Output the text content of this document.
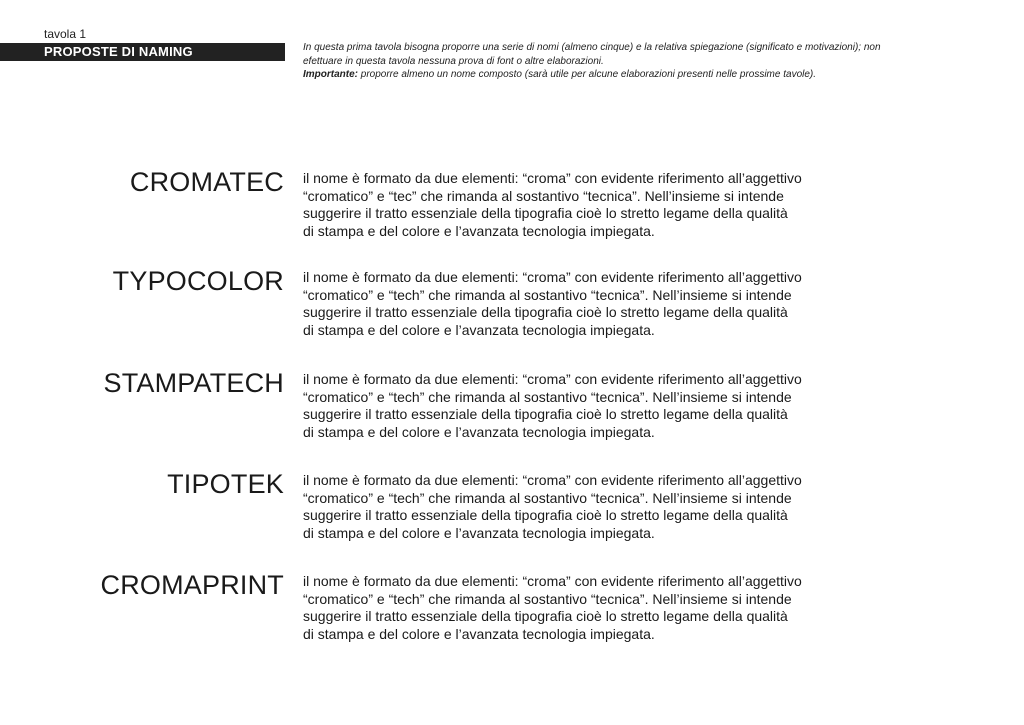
tavola 1
PROPOSTE DI NAMING	In questa prima tavola bisogna proporre una serie di nomi (almeno cinque) e la relativa spiegazione (significato e motivazioni); non
efettuare in questa tavola nessuna prova di font o altre elaborazioni.
Importante: proporre almeno un nome composto (sarà utile per alcune elaborazioni presenti nelle prossime tavole).
CROMATEC il nome è formato da due elementi: “croma” con evidente riferimento all’aggettivo
“cromatico” e “tec” che rimanda al sostantivo “tecnica”. Nell’insieme si intende
suggerire il tratto essenziale della tipografia cioè lo stretto legame della qualità
di stampa e del colore e l’avanzata tecnologia impiegata.
TYPOCOLOR il nome è formato da due elementi: “croma” con evidente riferimento all’aggettivo
“cromatico” e “tech” che rimanda al sostantivo “tecnica”. Nell’insieme si intende
suggerire il tratto essenziale della tipografia cioè lo stretto legame della qualità
di stampa e del colore e l’avanzata tecnologia impiegata.
STAMPATECH il nome è formato da due elementi: “croma” con evidente riferimento all’aggettivo
“cromatico” e “tech” che rimanda al sostantivo “tecnica”. Nell’insieme si intende
suggerire il tratto essenziale della tipografia cioè lo stretto legame della qualità
di stampa e del colore e l’avanzata tecnologia impiegata.
TIPOTEK il nome è formato da due elementi: “croma” con evidente riferimento all’aggettivo
“cromatico” e “tech” che rimanda al sostantivo “tecnica”. Nell’insieme si intende
suggerire il tratto essenziale della tipografia cioè lo stretto legame della qualità
di stampa e del colore e l’avanzata tecnologia impiegata.
CROMAPRINT il nome è formato da due elementi: “croma” con evidente riferimento all’aggettivo
“cromatico” e “tech” che rimanda al sostantivo “tecnica”. Nell’insieme si intende
suggerire il tratto essenziale della tipografia cioè lo stretto legame della qualità
di stampa e del colore e l’avanzata tecnologia impiegata.
